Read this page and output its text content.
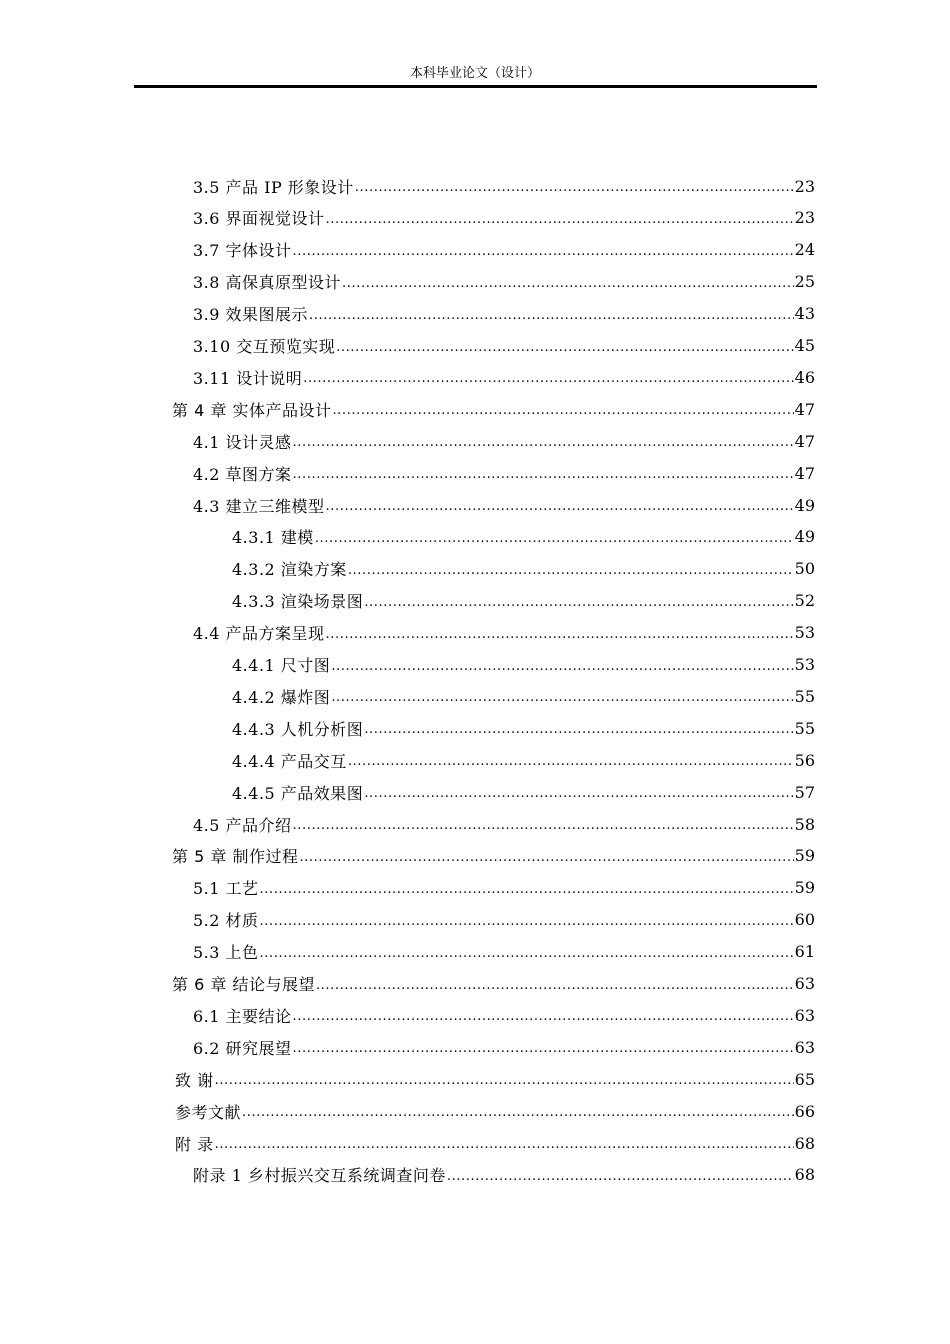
本科毕业论文（设计）
3.5 产品 IP 形象设计 .....	23
3.6 界面视觉设计 .....	23
3.7 字体设计 .....	24
3.8 高保真原型设计 .....	25
3.9 效果图展示 .....	43
3.10 交互预览实现 .....	45
3.11 设计说明 .....	46
第 4 章 实体产品设计 .....	47
4.1 设计灵感 .....	47
4.2 草图方案 .....	47
4.3 建立三维模型 .....	49
4.3.1 建模 .....	49
4.3.2 渲染方案 .....	50
4.3.3 渲染场景图 .....	52
4.4 产品方案呈现 .....	53
4.4.1 尺寸图 .....	53
4.4.2 爆炸图 .....	55
4.4.3 人机分析图 .....	55
4.4.4 产品交互 .....	56
4.4.5 产品效果图 .....	57
4.5 产品介绍 .....	58
第 5 章 制作过程 .....	59
5.1 工艺 .....	59
5.2 材质 .....	60
5.3 上色 .....	61
第 6 章 结论与展望 .....	63
6.1 主要结论 .....	63
6.2 研究展望 .....	63
致 谢 .....	65
参考文献 .....	66
附 录 .....	68
附录 1 乡村振兴交互系统调查问卷 .....	68
